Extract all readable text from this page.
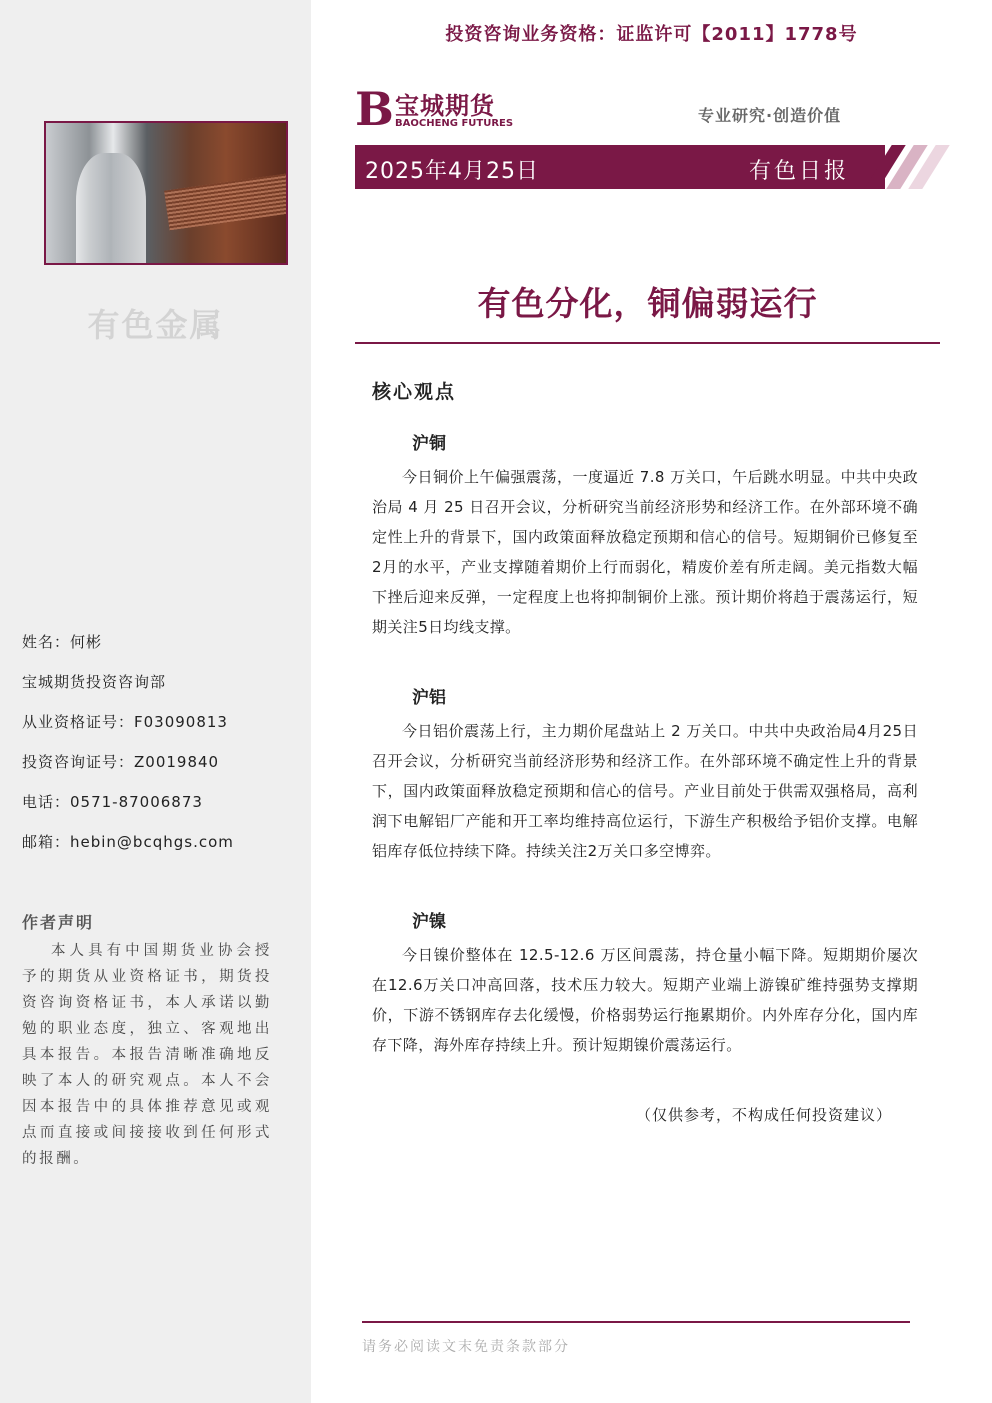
有色金属
姓名：何彬
宝城期货投资咨询部
从业资格证号：F03090813
投资咨询证号：Z0019840
电话：0571-87006873
邮箱：hebin@bcqhgs.com
作者声明
本人具有中国期货业协会授予的期货从业资格证书，期货投资咨询资格证书，本人承诺以勤勉的职业态度，独立、客观地出具本报告。本报告清晰准确地反映了本人的研究观点。本人不会因本报告中的具体推荐意见或观点而直接或间接接收到任何形式的报酬。
投资咨询业务资格：证监许可【2011】1778号
B 宝城期货
BAOCHENG FUTURES	专业研究·创造价值
2025年4月25日	有色日报
有色分化，铜偏弱运行
核心观点
沪铜
今日铜价上午偏强震荡，一度逼近 7.8 万关口，午后跳水明显。中共中央政治局 4 月 25 日召开会议，分析研究当前经济形势和经济工作。在外部环境不确定性上升的背景下，国内政策面释放稳定预期和信心的信号。短期铜价已修复至2月的水平，产业支撑随着期价上行而弱化，精废价差有所走阔。美元指数大幅下挫后迎来反弹，一定程度上也将抑制铜价上涨。预计期价将趋于震荡运行，短期关注5日均线支撑。
沪铝
今日铝价震荡上行，主力期价尾盘站上 2 万关口。中共中央政治局4月25日召开会议，分析研究当前经济形势和经济工作。在外部环境不确定性上升的背景下，国内政策面释放稳定预期和信心的信号。产业目前处于供需双强格局，高利润下电解铝厂产能和开工率均维持高位运行，下游生产积极给予铝价支撑。电解铝库存低位持续下降。持续关注2万关口多空博弈。
沪镍
今日镍价整体在 12.5-12.6 万区间震荡，持仓量小幅下降。短期期价屡次在12.6万关口冲高回落，技术压力较大。短期产业端上游镍矿维持强势支撑期价，下游不锈钢库存去化缓慢，价格弱势运行拖累期价。内外库存分化，国内库存下降，海外库存持续上升。预计短期镍价震荡运行。
（仅供参考，不构成任何投资建议）
请务必阅读文末免责条款部分
